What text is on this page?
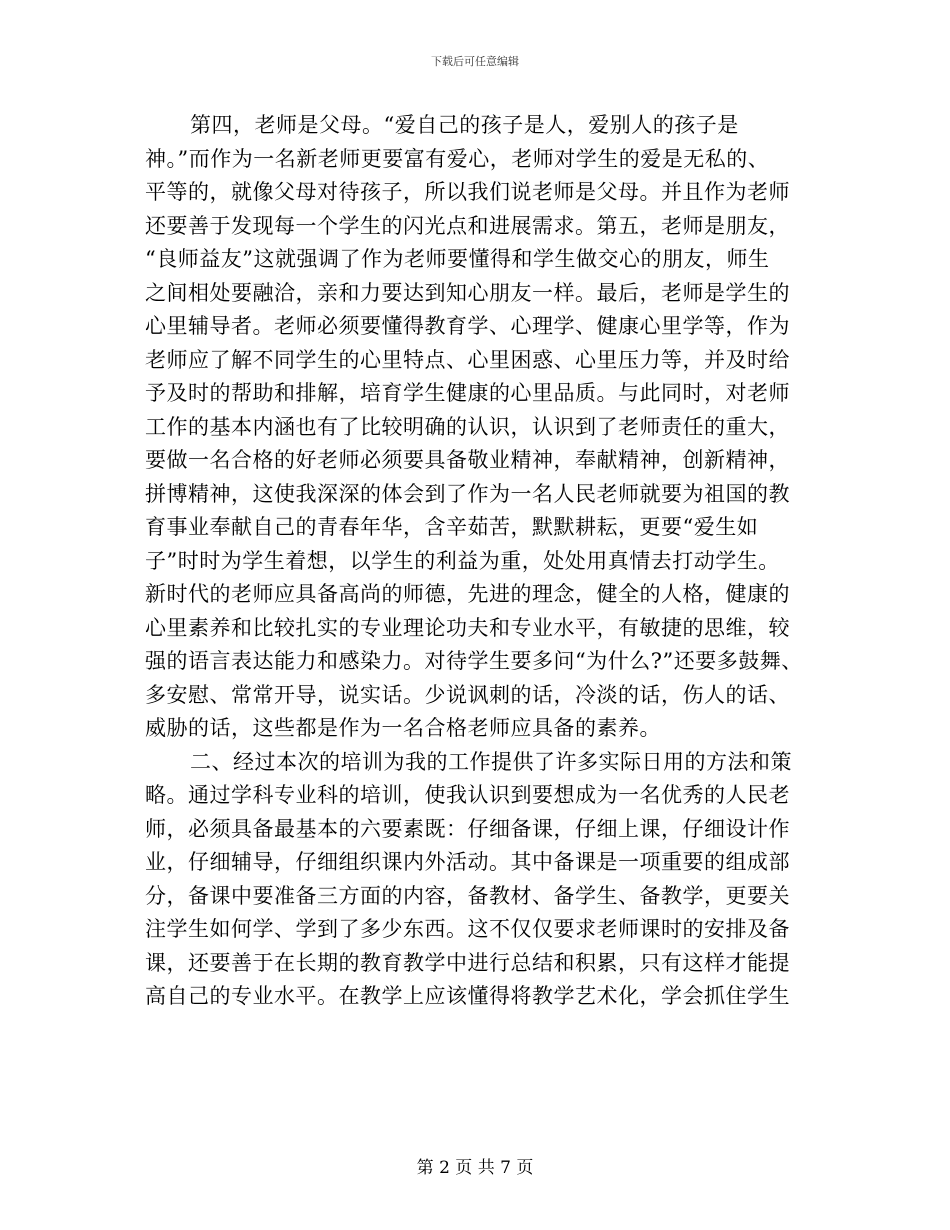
下载后可任意编辑
第四，老师是父母。“爱自己的孩子是人，爱别人的孩子是
神。”而作为一名新老师更要富有爱心，老师对学生的爱是无私的、
平等的，就像父母对待孩子，所以我们说老师是父母。并且作为老师
还要善于发现每一个学生的闪光点和进展需求。第五，老师是朋友，
“良师益友”这就强调了作为老师要懂得和学生做交心的朋友，师生
之间相处要融洽，亲和力要达到知心朋友一样。最后，老师是学生的
心里辅导者。老师必须要懂得教育学、心理学、健康心里学等，作为
老师应了解不同学生的心里特点、心里困惑、心里压力等，并及时给
予及时的帮助和排解，培育学生健康的心里品质。与此同时，对老师
工作的基本内涵也有了比较明确的认识，认识到了老师责任的重大，
要做一名合格的好老师必须要具备敬业精神，奉献精神，创新精神，
拼博精神，这使我深深的体会到了作为一名人民老师就要为祖国的教
育事业奉献自己的青春年华，含辛茹苦，默默耕耘，更要“爱生如
子”时时为学生着想，以学生的利益为重，处处用真情去打动学生。
新时代的老师应具备高尚的师德，先进的理念，健全的人格，健康的
心里素养和比较扎实的专业理论功夫和专业水平，有敏捷的思维，较
强的语言表达能力和感染力。对待学生要多问“为什么?”还要多鼓舞、
多安慰、常常开导，说实话。少说讽刺的话，冷淡的话，伤人的话、
威胁的话，这些都是作为一名合格老师应具备的素养。
二、经过本次的培训为我的工作提供了许多实际日用的方法和策
略。通过学科专业科的培训，使我认识到要想成为一名优秀的人民老
师，必须具备最基本的六要素既：仔细备课，仔细上课，仔细设计作
业，仔细辅导，仔细组织课内外活动。其中备课是一项重要的组成部
分，备课中要准备三方面的内容，备教材、备学生、备教学，更要关
注学生如何学、学到了多少东西。这不仅仅要求老师课时的安排及备
课，还要善于在长期的教育教学中进行总结和积累，只有这样才能提
高自己的专业水平。在教学上应该懂得将教学艺术化，学会抓住学生
第 2 页 共 7 页
